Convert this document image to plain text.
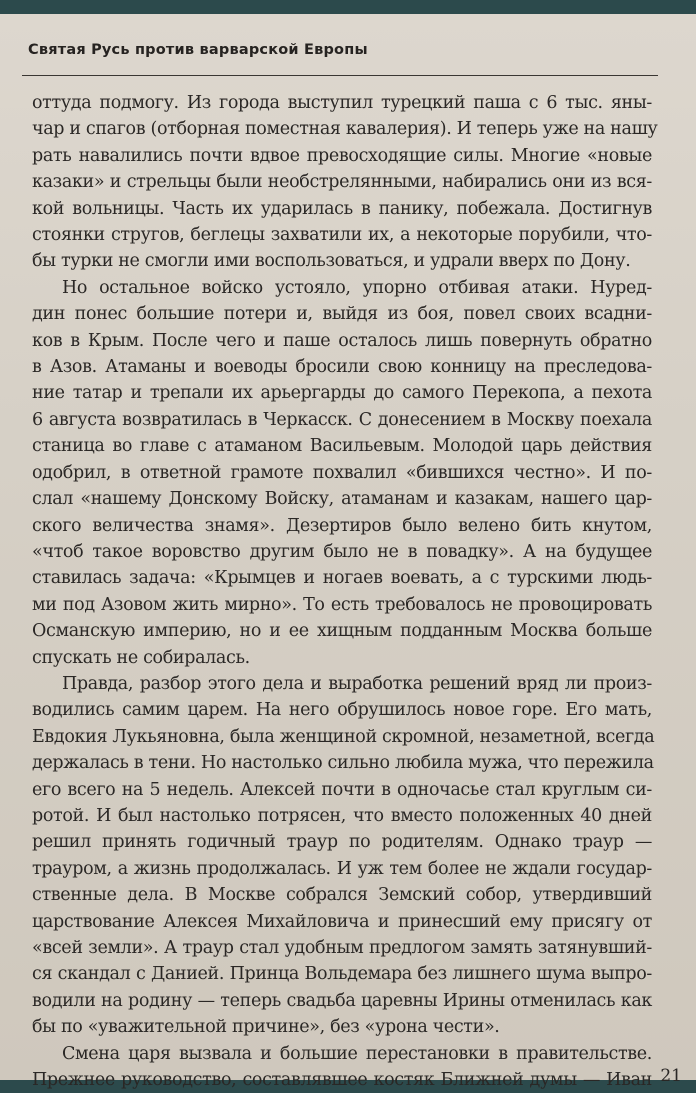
Святая Русь против варварской Европы
оттуда подмогу. Из города выступил турецкий паша с 6 тыс. яны-
чар и спагов (отборная поместная кавалерия). И теперь уже на нашу
рать навалились почти вдвое превосходящие силы. Многие «новые
казаки» и стрельцы были необстрелянными, набирались они из вся-
кой вольницы. Часть их ударилась в панику, побежала. Достигнув
стоянки стругов, беглецы захватили их, а некоторые порубили, что-
бы турки не смогли ими воспользоваться, и удрали вверх по Дону.
Но остальное войско устояло, упорно отбивая атаки. Нуред-
дин понес большие потери и, выйдя из боя, повел своих всадни-
ков в Крым. После чего и паше осталось лишь повернуть обратно
в Азов. Атаманы и воеводы бросили свою конницу на преследова-
ние татар и трепали их арьергарды до самого Перекопа, а пехота
6 августа возвратилась в Черкасск. С донесением в Москву поехала
станица во главе с атаманом Васильевым. Молодой царь действия
одобрил, в ответной грамоте похвалил «бившихся честно». И по-
слал «нашему Донскому Войску, атаманам и казакам, нашего цар-
ского величества знамя». Дезертиров было велено бить кнутом,
«чтоб такое воровство другим было не в повадку». А на будущее
ставилась задача: «Крымцев и ногаев воевать, а с турскими людь-
ми под Азовом жить мирно». То есть требовалось не провоцировать
Османскую империю, но и ее хищным подданным Москва больше
спускать не собиралась.
Правда, разбор этого дела и выработка решений вряд ли произ-
водились самим царем. На него обрушилось новое горе. Его мать,
Евдокия Лукьяновна, была женщиной скромной, незаметной, всегда
держалась в тени. Но настолько сильно любила мужа, что пережила
его всего на 5 недель. Алексей почти в одночасье стал круглым си-
ротой. И был настолько потрясен, что вместо положенных 40 дней
решил принять годичный траур по родителям. Однако траур —
трауром, а жизнь продолжалась. И уж тем более не ждали государ-
ственные дела. В Москве собрался Земский собор, утвердивший
царствование Алексея Михайловича и принесший ему присягу от
«всей земли». А траур стал удобным предлогом замять затянувший-
ся скандал с Данией. Принца Вольдемара без лишнего шума выпро-
водили на родину — теперь свадьба царевны Ирины отменилась как
бы по «уважительной причине», без «урона чести».
Смена царя вызвала и большие перестановки в правительстве.
Прежнее руководство, составлявшее костяк Ближней думы — Иван 21
